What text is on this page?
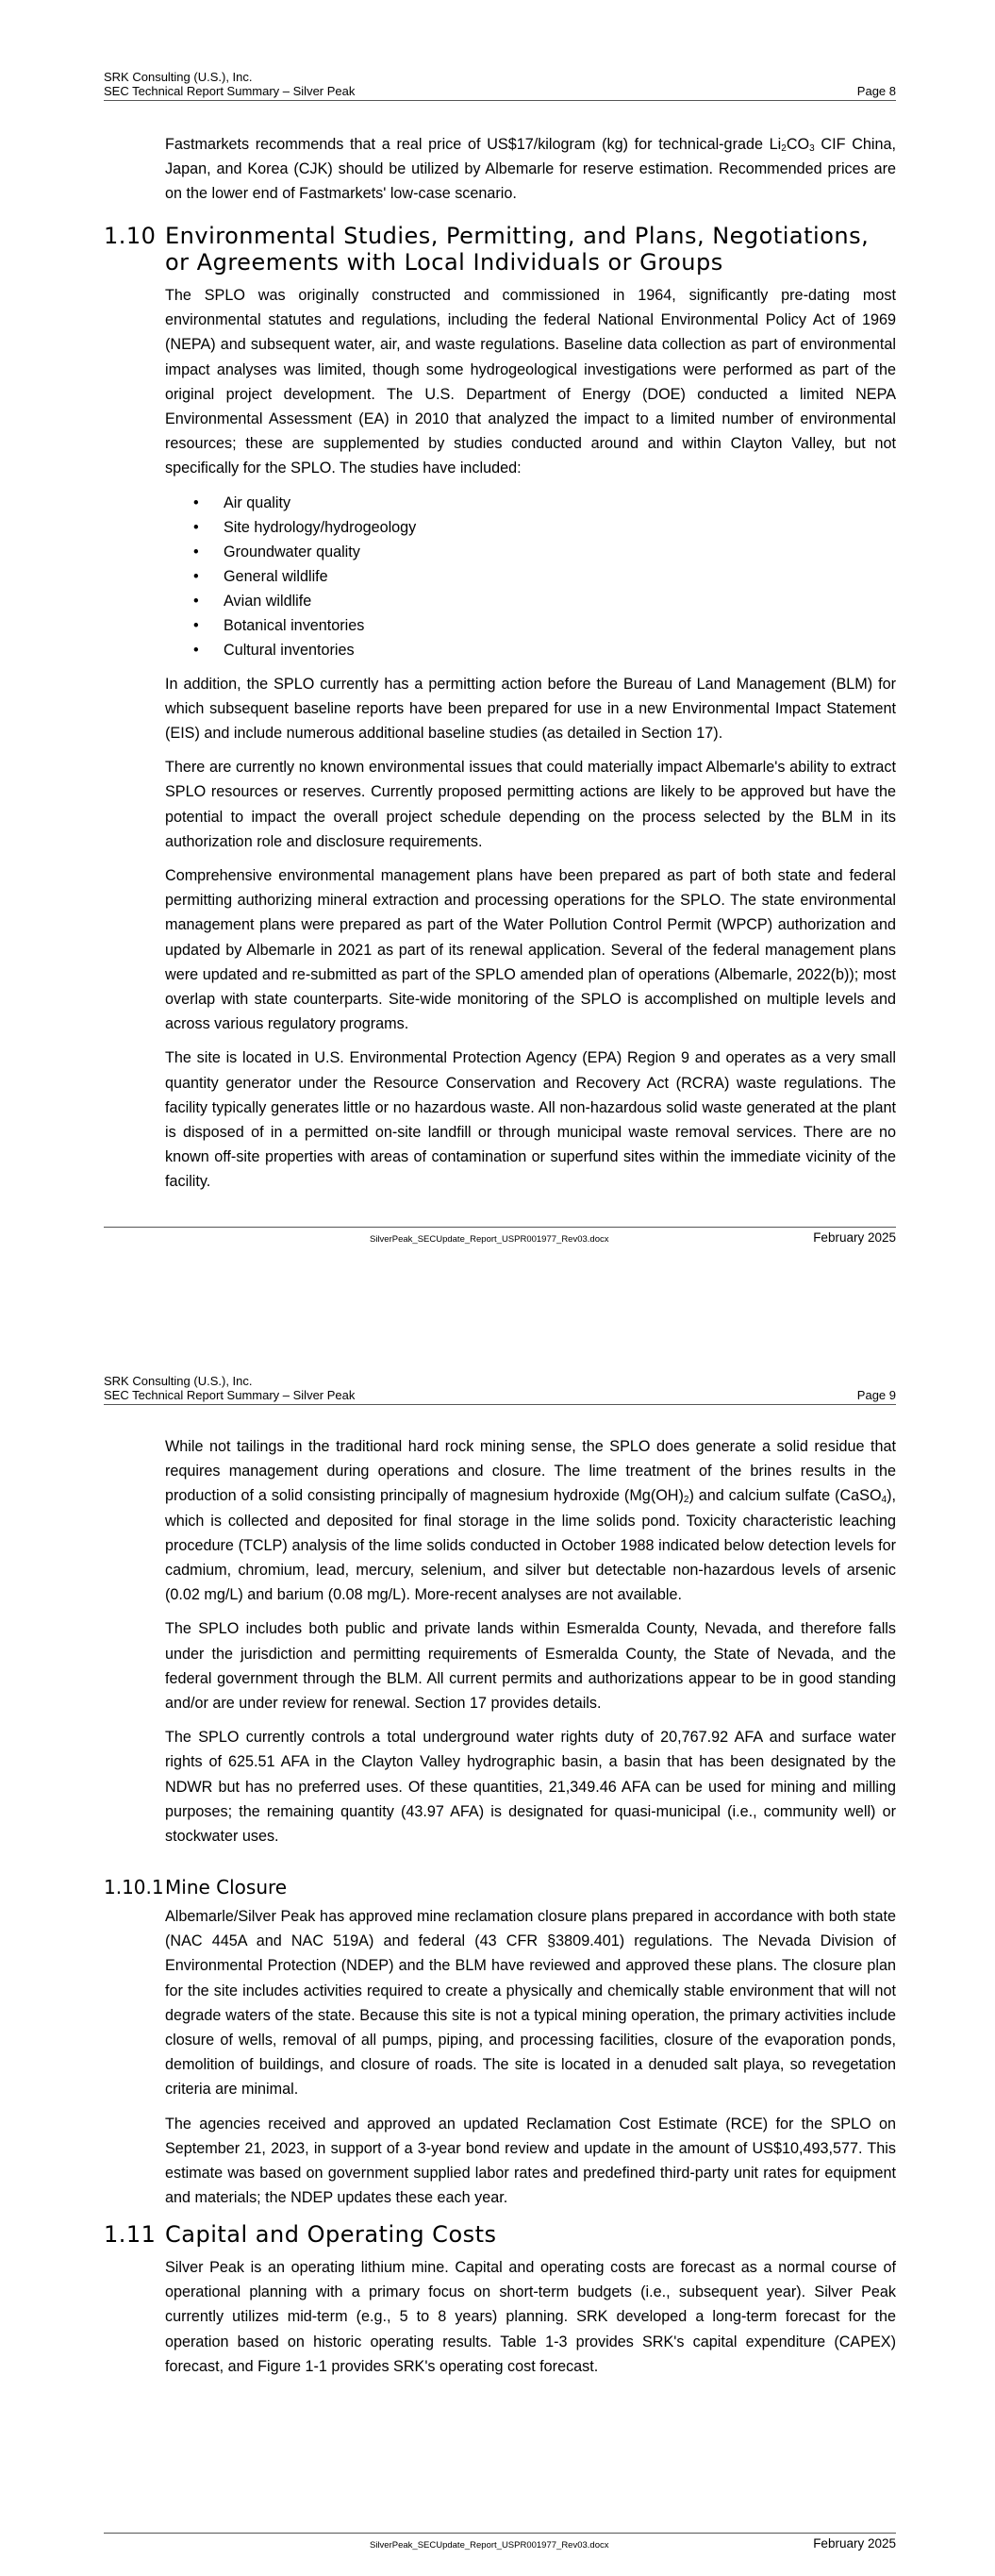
SRK Consulting (U.S.), Inc.
SEC Technical Report Summary – Silver Peak	Page 8

Fastmarkets recommends that a real price of US$17/kilogram (kg) for technical-grade $Li_2CO_3$ CIF China, Japan, and Korea (CJK) should be utilized by Albemarle for reserve estimation. Recommended prices are on the lower end of Fastmarkets' low-case scenario.

1.10 Environmental Studies, Permitting, and Plans, Negotiations, or Agreements with Local Individuals or Groups

The SPLO was originally constructed and commissioned in 1964, significantly pre-dating most environmental statutes and regulations, including the federal National Environmental Policy Act of 1969 (NEPA) and subsequent water, air, and waste regulations. Baseline data collection as part of environmental impact analyses was limited, though some hydrogeological investigations were performed as part of the original project development. The U.S. Department of Energy (DOE) conducted a limited NEPA Environmental Assessment (EA) in 2010 that analyzed the impact to a limited number of environmental resources; these are supplemented by studies conducted around and within Clayton Valley, but not specifically for the SPLO. The studies have included:

• Air quality
• Site hydrology/hydrogeology
• Groundwater quality
• General wildlife
• Avian wildlife
• Botanical inventories
• Cultural inventories

In addition, the SPLO currently has a permitting action before the Bureau of Land Management (BLM) for which subsequent baseline reports have been prepared for use in a new Environmental Impact Statement (EIS) and include numerous additional baseline studies (as detailed in Section 17).

There are currently no known environmental issues that could materially impact Albemarle's ability to extract SPLO resources or reserves. Currently proposed permitting actions are likely to be approved but have the potential to impact the overall project schedule depending on the process selected by the BLM in its authorization role and disclosure requirements.

Comprehensive environmental management plans have been prepared as part of both state and federal permitting authorizing mineral extraction and processing operations for the SPLO. The state environmental management plans were prepared as part of the Water Pollution Control Permit (WPCP) authorization and updated by Albemarle in 2021 as part of its renewal application. Several of the federal management plans were updated and re-submitted as part of the SPLO amended plan of operations (Albemarle, 2022(b)); most overlap with state counterparts. Site-wide monitoring of the SPLO is accomplished on multiple levels and across various regulatory programs.

The site is located in U.S. Environmental Protection Agency (EPA) Region 9 and operates as a very small quantity generator under the Resource Conservation and Recovery Act (RCRA) waste regulations. The facility typically generates little or no hazardous waste. All non-hazardous solid waste generated at the plant is disposed of in a permitted on-site landfill or through municipal waste removal services. There are no known off-site properties with areas of contamination or superfund sites within the immediate vicinity of the facility.

SilverPeak_SECUpdate_Report_USPR001977_Rev03.docx	February 2025
SRK Consulting (U.S.), Inc.
SEC Technical Report Summary – Silver Peak	Page 9

While not tailings in the traditional hard rock mining sense, the SPLO does generate a solid residue that requires management during operations and closure. The lime treatment of the brines results in the production of a solid consisting principally of magnesium hydroxide $(Mg(OH)_2)$ and calcium sulfate (CaSO$_4$), which is collected and deposited for final storage in the lime solids pond. Toxicity characteristic leaching procedure (TCLP) analysis of the lime solids conducted in October 1988 indicated below detection levels for cadmium, chromium, lead, mercury, selenium, and silver but detectable non-hazardous levels of arsenic (0.02 mg/L) and barium (0.08 mg/L). More-recent analyses are not available.

The SPLO includes both public and private lands within Esmeralda County, Nevada, and therefore falls under the jurisdiction and permitting requirements of Esmeralda County, the State of Nevada, and the federal government through the BLM. All current permits and authorizations appear to be in good standing and/or are under review for renewal. Section 17 provides details.

The SPLO currently controls a total underground water rights duty of 20,767.92 AFA and surface water rights of 625.51 AFA in the Clayton Valley hydrographic basin, a basin that has been designated by the NDWR but has no preferred uses. Of these quantities, 21,349.46 AFA can be used for mining and milling purposes; the remaining quantity (43.97 AFA) is designated for quasi-municipal (i.e., community well) or stockwater uses.

1.10.1 Mine Closure

Albemarle/Silver Peak has approved mine reclamation closure plans prepared in accordance with both state (NAC 445A and NAC 519A) and federal (43 CFR §3809.401) regulations. The Nevada Division of Environmental Protection (NDEP) and the BLM have reviewed and approved these plans. The closure plan for the site includes activities required to create a physically and chemically stable environment that will not degrade waters of the state. Because this site is not a typical mining operation, the primary activities include closure of wells, removal of all pumps, piping, and processing facilities, closure of the evaporation ponds, demolition of buildings, and closure of roads. The site is located in a denuded salt playa, so revegetation criteria are minimal.

The agencies received and approved an updated Reclamation Cost Estimate (RCE) for the SPLO on September 21, 2023, in support of a 3-year bond review and update in the amount of US$10,493,577. This estimate was based on government supplied labor rates and predefined third-party unit rates for equipment and materials; the NDEP updates these each year.

1.11 Capital and Operating Costs

Silver Peak is an operating lithium mine. Capital and operating costs are forecast as a normal course of operational planning with a primary focus on short-term budgets (i.e., subsequent year). Silver Peak currently utilizes mid-term (e.g., 5 to 8 years) planning. SRK developed a long-term forecast for the operation based on historic operating results. Table 1-3 provides SRK's capital expenditure (CAPEX) forecast, and Figure 1-1 provides SRK's operating cost forecast.

SilverPeak_SECUpdate_Report_USPR001977_Rev03.docx	February 2025
